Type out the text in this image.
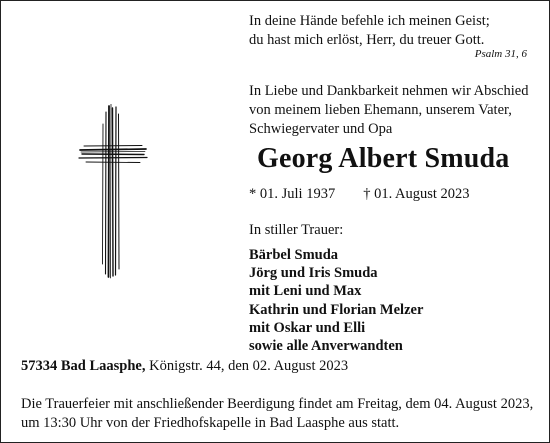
In deine Hände befehle ich meinen Geist;
du hast mich erlöst, Herr, du treuer Gott.
Psalm 31, 6
In Liebe und Dankbarkeit nehmen wir Abschied
von meinem lieben Ehemann, unserem Vater,
Schwiegervater und Opa
Georg Albert Smuda
* 01. Juli 1937 † 01. August 2023
In stiller Trauer:
Bärbel Smuda
Jörg und Iris Smuda
mit Leni und Max
Kathrin und Florian Melzer
mit Oskar und Elli
sowie alle Anverwandten
57334 Bad Laasphe, Königstr. 44, den 02. August 2023
Die Trauerfeier mit anschließender Beerdigung findet am Freitag, dem 04. August 2023,
um 13:30 Uhr von der Friedhofskapelle in Bad Laasphe aus statt.
